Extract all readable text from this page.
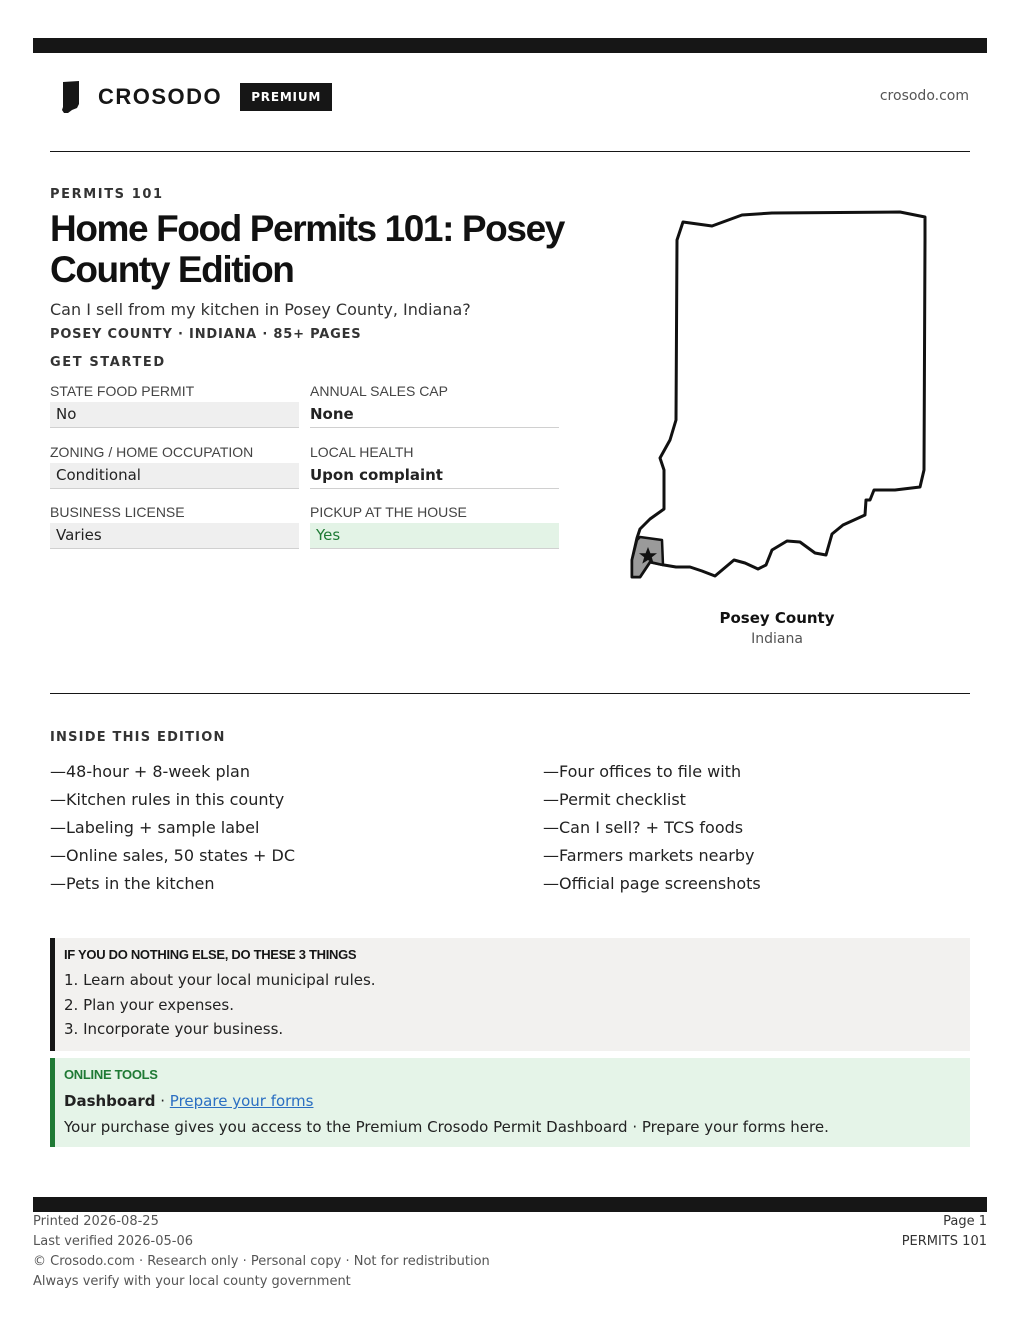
CROSODO	PREMIUM	crosodo.com
PERMITS 101
Home Food Permits 101: Posey County Edition
Can I sell from my kitchen in Posey County, Indiana?
POSEY COUNTY · INDIANA · 85+ PAGES
GET STARTED
STATE FOOD PERMIT
No
ANNUAL SALES CAP
None
ZONING / HOME OCCUPATION
Conditional
LOCAL HEALTH
Upon complaint
BUSINESS LICENSE
Varies
PICKUP AT THE HOUSE
Yes
Posey County
Indiana
INSIDE THIS EDITION
—48-hour + 8-week plan
—Kitchen rules in this county
—Labeling + sample label
—Online sales, 50 states + DC
—Pets in the kitchen
—Four offices to file with
—Permit checklist
—Can I sell? + TCS foods
—Farmers markets nearby
—Official page screenshots
IF YOU DO NOTHING ELSE, DO THESE 3 THINGS
1. Learn about your local municipal rules.
2. Plan your expenses.
3. Incorporate your business.
ONLINE TOOLS
Dashboard · Prepare your forms
Your purchase gives you access to the Premium Crosodo Permit Dashboard · Prepare your forms here.
Printed 2026-08-25
Last verified 2026-05-06
© Crosodo.com · Research only · Personal copy · Not for redistribution
Always verify with your local county government
Page 1
PERMITS 101
